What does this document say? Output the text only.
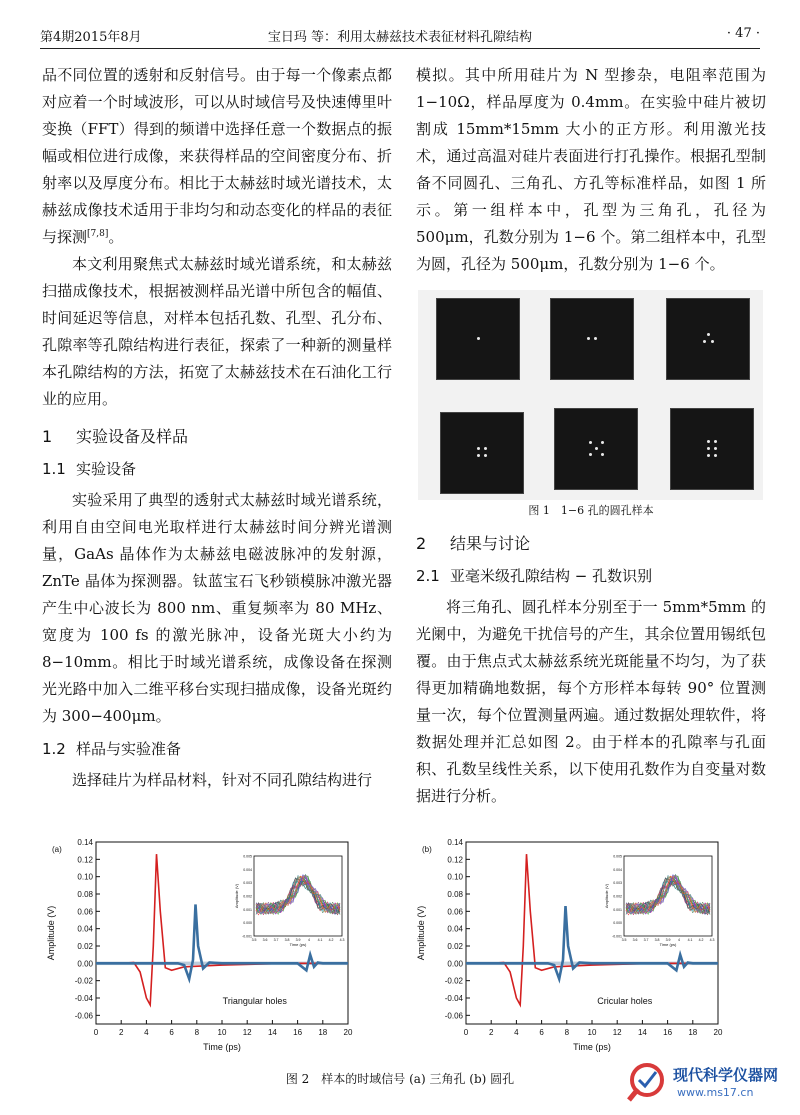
第4期2015年8月	宝日玛 等：利用太赫兹技术表征材料孔隙结构	· 47 ·

品不同位置的透射和反射信号。由于每一个像素点都对应着一个时域波形，可以从时域信号及快速傅里叶变换（FFT）得到的频谱中选择任意一个数据点的振幅或相位进行成像，来获得样品的空间密度分布、折射率以及厚度分布。相比于太赫兹时域光谱技术，太赫兹成像技术适用于非均匀和动态变化的样品的表征与探测[7,8]。

本文利用聚焦式太赫兹时域光谱系统，和太赫兹扫描成像技术，根据被测样品光谱中所包含的幅值、时间延迟等信息，对样本包括孔数、孔型、孔分布、孔隙率等孔隙结构进行表征，探索了一种新的测量样本孔隙结构的方法，拓宽了太赫兹技术在石油化工行业的应用。

1 实验设备及样品
1.1 实验设备

实验采用了典型的透射式太赫兹时域光谱系统，利用自由空间电光取样进行太赫兹时间分辨光谱测量，GaAs 晶体作为太赫兹电磁波脉冲的发射源，ZnTe 晶体为探测器。钛蓝宝石飞秒锁模脉冲激光器产生中心波长为 800 nm、重复频率为 80 MHz、宽度为 100 fs 的激光脉冲，设备光斑大小约为 8−10mm。相比于时域光谱系统，成像设备在探测光光路中加入二维平移台实现扫描成像，设备光斑约为 300−400μm。

1.2 样品与实验准备

选择硅片为样品材料，针对不同孔隙结构进行

模拟。其中所用硅片为 N 型掺杂，电阻率范围为 1−10Ω，样品厚度为 0.4mm。在实验中硅片被切割成 15mm*15mm 大小的正方形。利用激光技术，通过高温对硅片表面进行打孔操作。根据孔型制备不同圆孔、三角孔、方孔等标准样品，如图 1 所示。第一组样本中，孔型为三角孔，孔径为 500μm，孔数分别为 1−6 个。第二组样本中，孔型为圆，孔径为 500μm，孔数分别为 1−6 个。

图 1　1−6 孔的圆孔样本
2 结果与讨论
2.1 亚毫米级孔隙结构 − 孔数识别

将三角孔、圆孔样本分别至于一 5mm*5mm 的光阑中，为避免干扰信号的产生，其余位置用锡纸包覆。由于焦点式太赫兹系统光斑能量不均匀，为了获得更加精确地数据，每个方形样本每转 90° 位置测量一次，每个位置测量两遍。通过数据处理软件，将数据处理并汇总如图 2。由于样本的孔隙率与孔面积、孔数呈线性关系，以下使用孔数作为自变量对数据进行分析。

0	2	4	6	8 10 12 14 16 18 20
-0.06
-0.04
-0.02
0.00
0.02
0.04
0.06
0.08
0.10
0.12
0.14
Time (ps)
Amplitude (V)
(a)
Triangular holes
-0.001
0.000
0.001
0.002
0.003
0.004
0.005
3.5 3.6 3.7 3.8 3.9 4 4.1 4.2 4.3
Time (ps)
Amplitude (V)
0	2	4	6	8 10 12 14 16 18 20
-0.06
-0.04
-0.02
0.00
0.02
0.04
0.06
0.08
0.10
0.12
0.14
Time (ps)
Amplitude (V)
(b)
Cricular holes
-0.001
0.000
0.001
0.002
0.003
0.004
0.005
3.5 3.6 3.7 3.8 3.9 4 4.1 4.2 4.3
Time (ps)
Amplitude (V)
图 2　样本的时域信号 (a) 三角孔 (b) 圆孔	现代科学仪器网
www.ms17.cn
